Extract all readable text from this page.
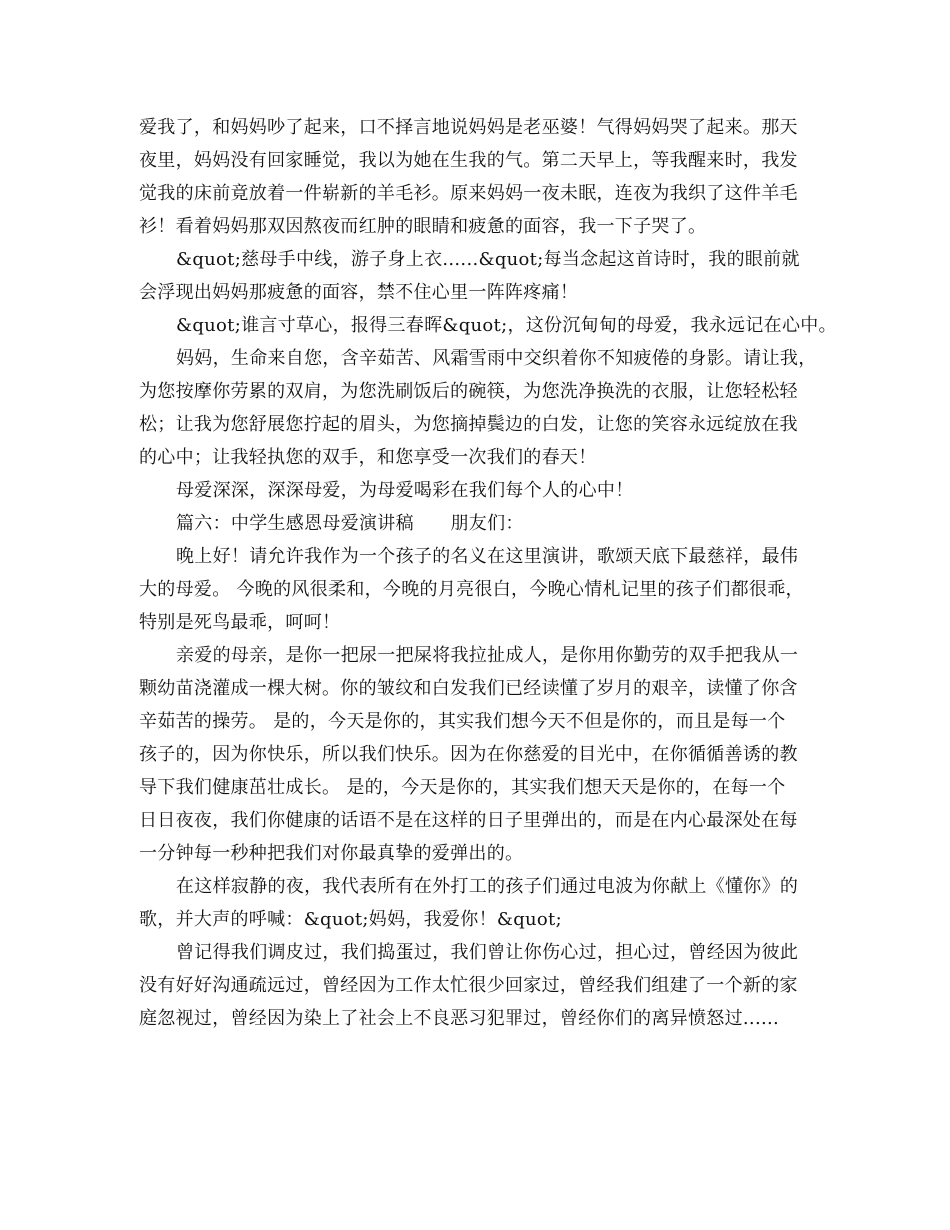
爱我了，和妈妈吵了起来，口不择言地说妈妈是老巫婆！气得妈妈哭了起来。那天
夜里，妈妈没有回家睡觉，我以为她在生我的气。第二天早上，等我醒来时，我发
觉我的床前竟放着一件崭新的羊毛衫。原来妈妈一夜未眠，连夜为我织了这件羊毛
衫！看着妈妈那双因熬夜而红肿的眼睛和疲惫的面容，我一下子哭了。
&quot;慈母手中线，游子身上衣......&quot;每当念起这首诗时，我的眼前就
会浮现出妈妈那疲惫的面容，禁不住心里一阵阵疼痛！
&quot;谁言寸草心，报得三春晖&quot;，这份沉甸甸的母爱，我永远记在心中。
妈妈，生命来自您，含辛茹苦、风霜雪雨中交织着你不知疲倦的身影。请让我，
为您按摩你劳累的双肩，为您洗刷饭后的碗筷，为您洗净换洗的衣服，让您轻松轻
松；让我为您舒展您拧起的眉头，为您摘掉鬓边的白发，让您的笑容永远绽放在我
的心中；让我轻执您的双手，和您享受一次我们的春天！
母爱深深，深深母爱，为母爱喝彩在我们每个人的心中！
篇六：中学生感恩母爱演讲稿　　朋友们：
晚上好！请允许我作为一个孩子的名义在这里演讲，歌颂天底下最慈祥，最伟
大的母爱。 今晚的风很柔和，今晚的月亮很白，今晚心情札记里的孩子们都很乖，
特别是死鸟最乖，呵呵！
亲爱的母亲，是你一把尿一把屎将我拉扯成人，是你用你勤劳的双手把我从一
颗幼苗浇灌成一棵大树。你的皱纹和白发我们已经读懂了岁月的艰辛，读懂了你含
辛茹苦的操劳。 是的，今天是你的，其实我们想今天不但是你的，而且是每一个
孩子的，因为你快乐，所以我们快乐。因为在你慈爱的目光中，在你循循善诱的教
导下我们健康茁壮成长。 是的，今天是你的，其实我们想天天是你的，在每一个
日日夜夜，我们你健康的话语不是在这样的日子里弹出的，而是在内心最深处在每
一分钟每一秒种把我们对你最真挚的爱弹出的。
在这样寂静的夜，我代表所有在外打工的孩子们通过电波为你献上《懂你》的
歌，并大声的呼喊：&quot;妈妈，我爱你！&quot;
曾记得我们调皮过，我们捣蛋过，我们曾让你伤心过，担心过，曾经因为彼此
没有好好沟通疏远过，曾经因为工作太忙很少回家过，曾经我们组建了一个新的家
庭忽视过，曾经因为染上了社会上不良恶习犯罪过，曾经你们的离异愤怒过......
